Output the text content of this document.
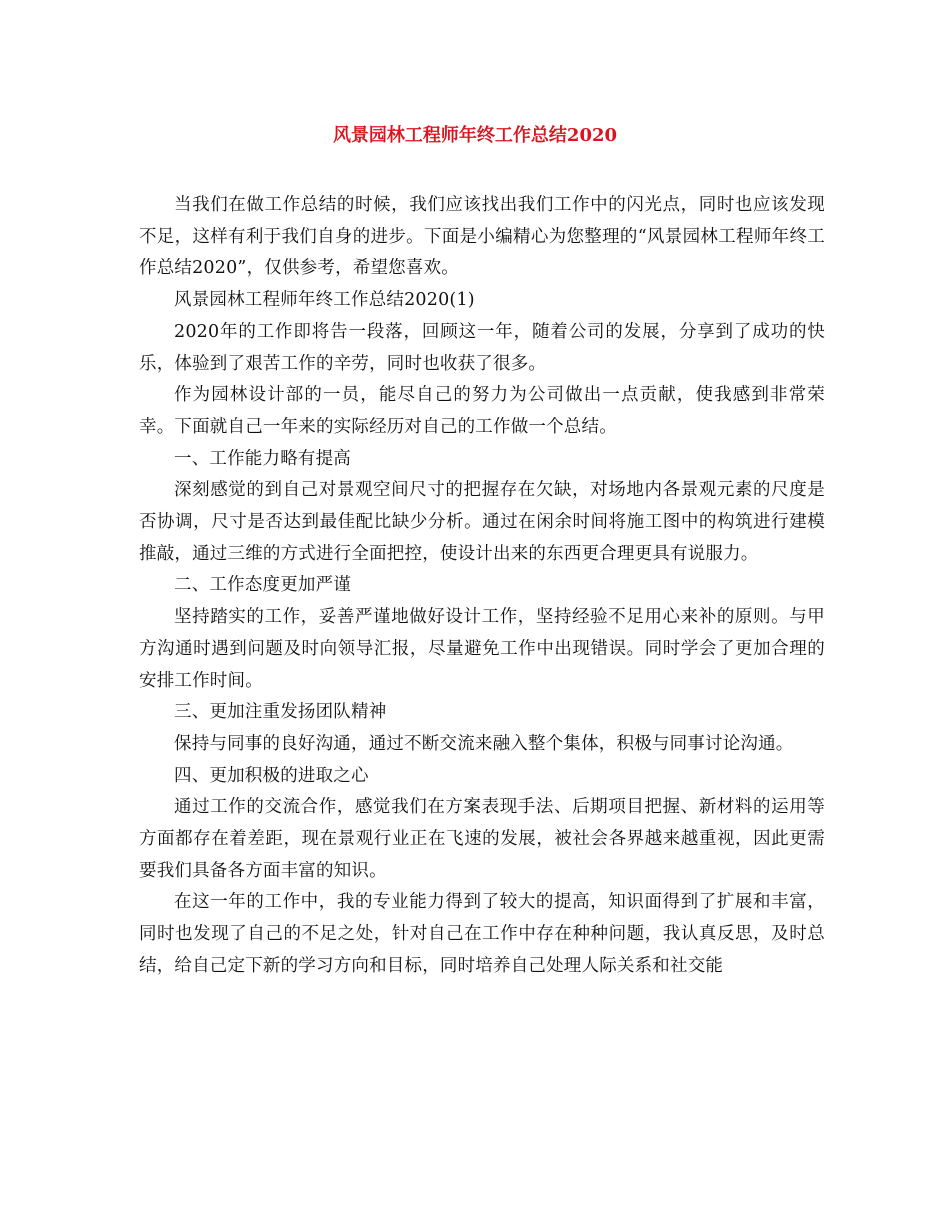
风景园林工程师年终工作总结2020

当我们在做工作总结的时候，我们应该找出我们工作中的闪光点，同时也应该发现不足，这样有利于我们自身的进步。下面是小编精心为您整理的“风景园林工程师年终工作总结2020”，仅供参考，希望您喜欢。

风景园林工程师年终工作总结2020(1)

2020年的工作即将告一段落，回顾这一年，随着公司的发展，分享到了成功的快乐，体验到了艰苦工作的辛劳，同时也收获了很多。

作为园林设计部的一员，能尽自己的努力为公司做出一点贡献，使我感到非常荣幸。下面就自己一年来的实际经历对自己的工作做一个总结。

一、工作能力略有提高

深刻感觉的到自己对景观空间尺寸的把握存在欠缺，对场地内各景观元素的尺度是否协调，尺寸是否达到最佳配比缺少分析。通过在闲余时间将施工图中的构筑进行建模推敲，通过三维的方式进行全面把控，使设计出来的东西更合理更具有说服力。

二、工作态度更加严谨

坚持踏实的工作，妥善严谨地做好设计工作，坚持经验不足用心来补的原则。与甲方沟通时遇到问题及时向领导汇报，尽量避免工作中出现错误。同时学会了更加合理的安排工作时间。

三、更加注重发扬团队精神

保持与同事的良好沟通，通过不断交流来融入整个集体，积极与同事讨论沟通。

四、更加积极的进取之心

通过工作的交流合作，感觉我们在方案表现手法、后期项目把握、新材料的运用等方面都存在着差距，现在景观行业正在飞速的发展，被社会各界越来越重视，因此更需要我们具备各方面丰富的知识。

在这一年的工作中，我的专业能力得到了较大的提高，知识面得到了扩展和丰富，同时也发现了自己的不足之处，针对自己在工作中存在种种问题，我认真反思，及时总结，给自己定下新的学习方向和目标，同时培养自己处理人际关系和社交能
